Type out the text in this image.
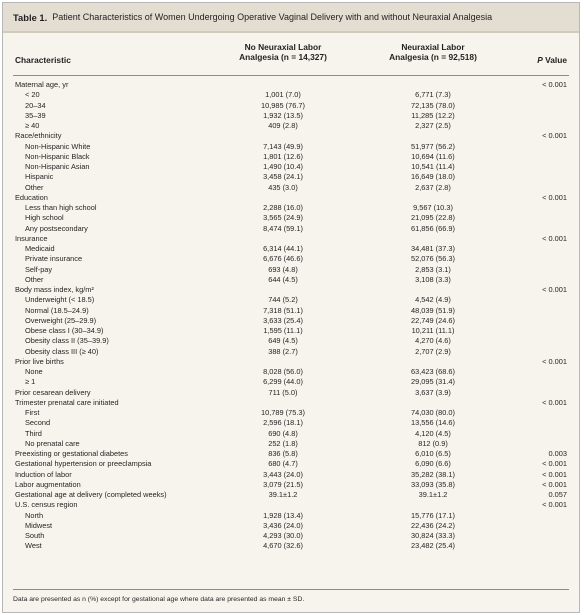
Table 1. Patient Characteristics of Women Undergoing Operative Vaginal Delivery with and without Neuraxial Analgesia
Characteristic
No Neuraxial Labor
Analgesia (n = 14,327)
Neuraxial Labor
Analgesia (n = 92,518)	P Value
Maternal age, yr	< 0.001
< 20	1,001 (7.0)	6,771 (7.3)
20–34	10,985 (76.7)	72,135 (78.0)
35–39	1,932 (13.5)	11,285 (12.2)
≥ 40	409 (2.8)	2,327 (2.5)
Race/ethnicity	< 0.001
Non-Hispanic White	7,143 (49.9)	51,977 (56.2)
Non-Hispanic Black	1,801 (12.6)	10,694 (11.6)
Non-Hispanic Asian	1,490 (10.4)	10,541 (11.4)
Hispanic	3,458 (24.1)	16,649 (18.0)
Other	435 (3.0)	2,637 (2.8)
Education	< 0.001
Less than high school	2,288 (16.0)	9,567 (10.3)
High school	3,565 (24.9)	21,095 (22.8)
Any postsecondary	8,474 (59.1)	61,856 (66.9)
Insurance	< 0.001
Medicaid	6,314 (44.1)	34,481 (37.3)
Private insurance	6,676 (46.6)	52,076 (56.3)
Self-pay	693 (4.8)	2,853 (3.1)
Other	644 (4.5)	3,108 (3.3)
Body mass index, kg/m²	< 0.001
Underweight (< 18.5)	744 (5.2)	4,542 (4.9)
Normal (18.5–24.9)	7,318 (51.1)	48,039 (51.9)
Overweight (25–29.9)	3,633 (25.4)	22,749 (24.6)
Obese class I (30–34.9)	1,595 (11.1)	10,211 (11.1)
Obesity class II (35–39.9)	649 (4.5)	4,270 (4.6)
Obesity class III (≥ 40)	388 (2.7)	2,707 (2.9)
Prior live births	< 0.001
None	8,028 (56.0)	63,423 (68.6)
≥ 1	6,299 (44.0)	29,095 (31.4)
Prior cesarean delivery	711 (5.0)	3,637 (3.9)
Trimester prenatal care initiated	< 0.001
First	10,789 (75.3)	74,030 (80.0)
Second	2,596 (18.1)	13,556 (14.6)
Third	690 (4.8)	4,120 (4.5)
No prenatal care	252 (1.8)	812 (0.9)
Preexisting or gestational diabetes	836 (5.8)	6,010 (6.5)	0.003
Gestational hypertension or preeclampsia	680 (4.7)	6,090 (6.6)	< 0.001
Induction of labor	3,443 (24.0)	35,282 (38.1)	< 0.001
Labor augmentation	3,079 (21.5)	33,093 (35.8)	< 0.001
Gestational age at delivery (completed weeks)	39.1±1.2	39.1±1.2	0.057
U.S. census region	< 0.001
North	1,928 (13.4)	15,776 (17.1)
Midwest	3,436 (24.0)	22,436 (24.2)
South	4,293 (30.0)	30,824 (33.3)
West	4,670 (32.6)	23,482 (25.4)
Data are presented as n (%) except for gestational age where data are presented as mean ± SD.
